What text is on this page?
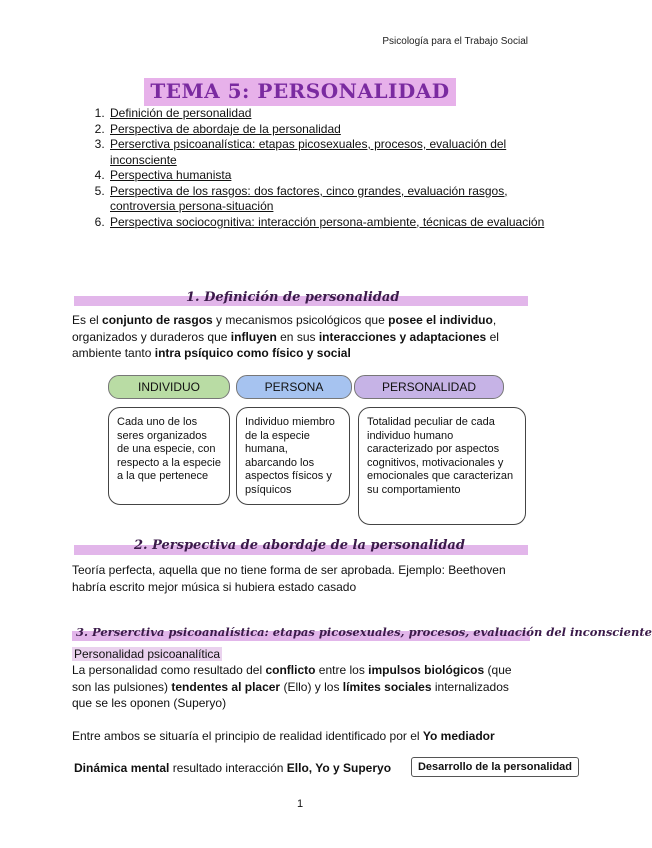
Psicología para el Trabajo Social
TEMA 5: PERSONALIDAD
1. Definición de personalidad
2. Perspectiva de abordaje de la personalidad
3. Perserctiva psicoanalística: etapas picosexuales, procesos, evaluación del inconsciente
4. Perspectiva humanista
5. Perspectiva de los rasgos: dos factores, cinco grandes, evaluación rasgos, controversia persona-situación
6. Perspectiva sociocognitiva: interacción persona-ambiente, técnicas de evaluación
1. Definición de personalidad
Es el conjunto de rasgos y mecanismos psicológicos que posee el individuo, organizados y duraderos que influyen en sus interacciones y adaptaciones el ambiente tanto intra psíquico como físico y social
INDIVIDUO	PERSONA	PERSONALIDAD
Cada uno de los seres organizados de una especie, con respecto a la especie a la que pertenece
Individuo miembro de la especie humana, abarcando los aspectos físicos y psíquicos
Totalidad peculiar de cada individuo humano caracterizado por aspectos cognitivos, motivacionales y emocionales que caracterizan su comportamiento
2. Perspectiva de abordaje de la personalidad
Teoría perfecta, aquella que no tiene forma de ser aprobada. Ejemplo: Beethoven habría escrito mejor música si hubiera estado casado
3. Perserctiva psicoanalística: etapas picosexuales, procesos, evaluación del inconsciente
Personalidad psicoanalítica
La personalidad como resultado del conflicto entre los impulsos biológicos (que son las pulsiones) tendentes al placer (Ello) y los límites sociales internalizados que se les oponen (Superyo)
Entre ambos se situaría el principio de realidad identificado por el Yo mediador
Dinámica mental resultado interacción Ello, Yo y Superyo	Desarrollo de la personalidad
1
